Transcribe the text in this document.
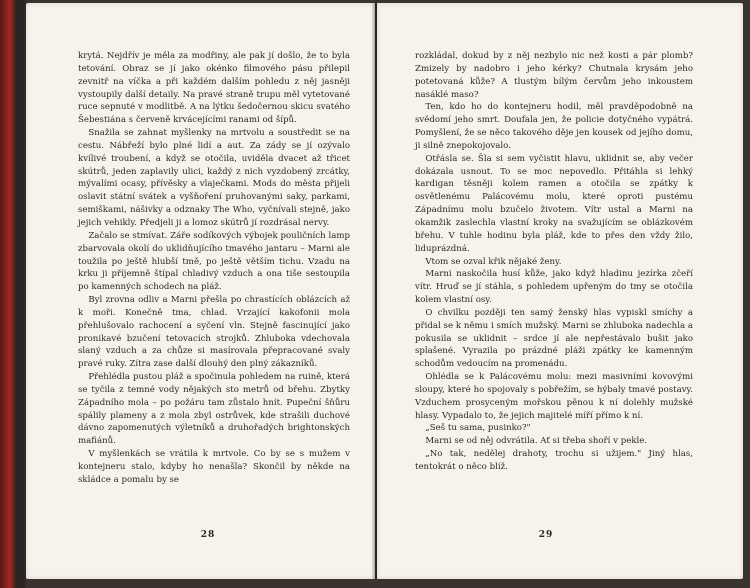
krytá. Nejdřív je měla za modřiny, ale pak jí došlo, že to byla tetování. Obraz se jí jako okénko filmového pásu přilepil zevnitř na víčka a při každém dalším pohledu z něj jasněji vystoupily další detaily. Na pravé straně trupu měl vytetované ruce sepnuté v modlitbě. A na lýtku šedočernou skicu svatého Šebestiána s červeně krvácejícími ranami od šípů.

Snažila se zahnat myšlenky na mrtvolu a soustředit se na cestu. Nábřeží bylo plné lidí a aut. Za zády se jí ozývalo kvílivé troubení, a když se otočila, uviděla dvacet až třicet skútrů, jeden zaplavily ulici, každý z nich vyzdobený zrcátky, mývalími ocasy, přívěsky a vlaječkami. Mods do města přijeli oslavit státní svátek a vyšňoření pruhovanými saky, parkami, semiškami, nášivky a odznaky The Who, vyčnívali stejně, jako jejich vehikly. Předjeli ji a lomoz skútrů jí rozdrásal nervy.

Začalo se stmívat. Záře sodíkových výbojek pouličních lamp zbarvovala okolí do uklidňujícího tmavého jantaru – Marni ale toužila po ještě hlubší tmě, po ještě větším tichu. Vzadu na krku ji příjemně štípal chladivý vzduch a ona tiše sestoupila po kamenných schodech na pláž.

Byl zrovna odliv a Marni přešla po chrastících oblázcích až k moři. Konečně tma, chlad. Vrzající kakofonii mola přehlušovalo rachocení a syčení vln. Stejně fascinující jako pronikavé bzučení tetovacích strojků. Zhluboka vdechovala slaný vzduch a za chůze si masírovala přepracované svaly pravé ruky. Zítra zase další dlouhý den plný zákazníků.

Přehlédla pustou pláž a spočinula pohledem na ruině, která se tyčila z temné vody nějakých sto metrů od břehu. Zbytky Západního mola – po požáru tam zůstalo hnít. Pupeční šňůru spálily plameny a z mola zbyl ostrůvek, kde strašili duchové dávno zapomenutých výletníků a druhořadých brightonských mafiánů.

V myšlenkách se vrátila k mrtvole. Co by se s mužem v kontejneru stalo, kdyby ho nenašla? Skončil by někde na skládce a pomalu by se

28

rozkládal, dokud by z něj nezbylo nic než kosti a pár plomb? Zmizely by nadobro i jeho kérky? Chutnala krysám jeho potetovaná kůže? A tlustým bílým červům jeho inkoustem nasáklé maso?

Ten, kdo ho do kontejneru hodil, měl pravděpodobně na svědomí jeho smrt. Doufala jen, že policie dotyčného vypátrá. Pomyšlení, že se něco takového děje jen kousek od jejího domu, ji silně znepokojovalo.

Otřásla se. Šla si sem vyčistit hlavu, uklidnit se, aby večer dokázala usnout. To se moc nepovedlo. Přitáhla si lehký kardigan těsněji kolem ramen a otočila se zpátky k osvětlenému Palácovému molu, které oproti pustému Západnímu molu bzučelo životem. Vítr ustal a Marni na okamžik zaslechla vlastní kroky na svažujícím se oblázkovém břehu. V tuhle hodinu byla pláž, kde to přes den vždy žilo, liduprázdná.

Vtom se ozval křik nějaké ženy.

Marni naskočila husí kůže, jako když hladinu jezírka zčeří vítr. Hruď se jí stáhla, s pohledem upřeným do tmy se otočila kolem vlastní osy.

O chvilku později ten samý ženský hlas vypiskl smíchy a přidal se k němu i smích mužský. Marni se zhluboka nadechla a pokusila se uklidnit – srdce jí ale nepřestávalo bušit jako splašené. Vyrazila po prázdné pláži zpátky ke kamenným schodům vedoucím na promenádu.

Ohlédla se k Palácovému molu: mezi masivními kovovými sloupy, které ho spojovaly s pobřežím, se hýbaly tmavé postavy. Vzduchem prosyceným mořskou pěnou k ní dolehly mužské hlasy. Vypadalo to, že jejich majitelé míří přímo k ní.

„Seš tu sama, pusinko?"

Marni se od něj odvrátila. Ať si třeba shoří v pekle.

„No tak, nedělej drahoty, trochu si užijem." Jiný hlas, tentokrát o něco blíž.

29
